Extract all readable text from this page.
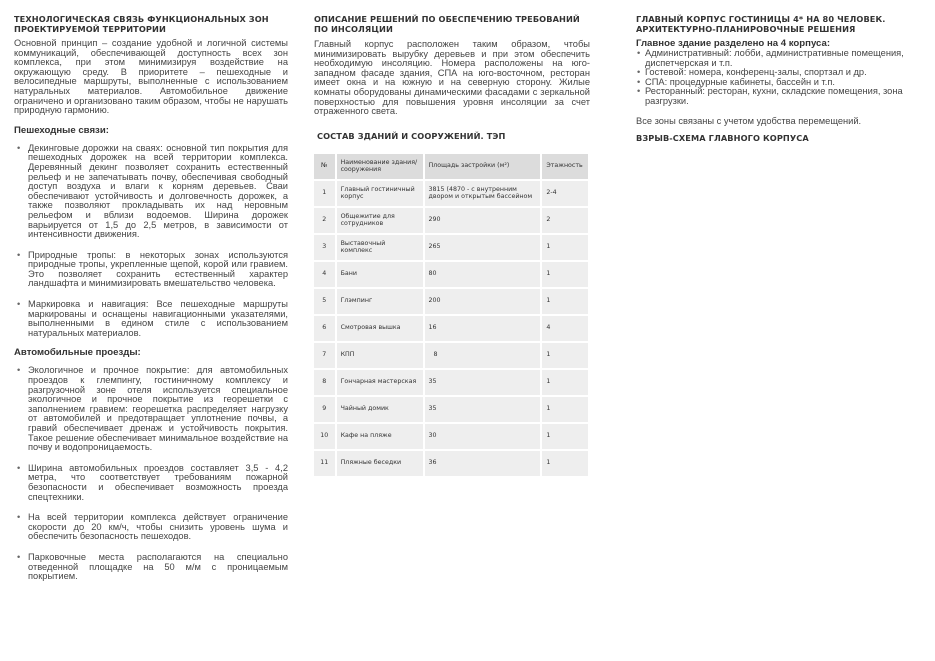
ТЕХНОЛОГИЧЕСКАЯ СВЯЗЬ ФУНКЦИОНАЛЬНЫХ ЗОН ПРОЕКТИРУЕМОЙ ТЕРРИТОРИИ

Основной принцип – создание удобной и логичной системы коммуникаций, обеспечивающей доступность всех зон комплекса, при этом минимизируя воздействие на окружающую среду. В приоритете – пешеходные и велосипедные маршруты, выполненные с использованием натуральных материалов. Автомобильное движение ограничено и организовано таким образом, чтобы не нарушать природную гармонию.

Пешеходные связи:
• Декинговые дорожки на сваях: основной тип покрытия для пешеходных дорожек на всей территории комплекса. Деревянный декинг позволяет сохранить естественный рельеф и не запечатывать почву, обеспечивая свободный доступ воздуха и влаги к корням деревьев. Сваи обеспечивают устойчивость и долговечность дорожек, а также позволяют прокладывать их над неровным рельефом и вблизи водоемов. Ширина дорожек варьируется от 1,5 до 2,5 метров, в зависимости от интенсивности движения.
• Природные тропы: в некоторых зонах используются природные тропы, укрепленные щепой, корой или гравием. Это позволяет сохранить естественный характер ландшафта и минимизировать вмешательство человека.
• Маркировка и навигация: Все пешеходные маршруты маркированы и оснащены навигационными указателями, выполненными в едином стиле с использованием натуральных материалов.
Автомобильные проезды:
• Экологичное и прочное покрытие: для автомобильных проездов к глемпингу, гостиничному комплексу и разгрузочной зоне отеля используется специальное экологичное и прочное покрытие из георешетки с заполнением гравием: георешетка распределяет нагрузку от автомобилей и предотвращает уплотнение почвы, а гравий обеспечивает дренаж и устойчивость покрытия. Такое решение обеспечивает минимальное воздействие на почву и водопроницаемость.
• Ширина автомобильных проездов составляет 3,5 - 4,2 метра, что соответствует требованиям пожарной безопасности и обеспечивает возможность проезда спецтехники.
• На всей территории комплекса действует ограничение скорости до 20 км/ч, чтобы снизить уровень шума и обеспечить безопасность пешеходов.
• Парковочные места располагаются на специально отведенной площадке на 50 м/м с проницаемым покрытием.
ОПИСАНИЕ РЕШЕНИЙ ПО ОБЕСПЕЧЕНИЮ ТРЕБОВАНИЙ ПО ИНСОЛЯЦИИ

Главный корпус расположен таким образом, чтобы минимизировать вырубку деревьев и при этом обеспечить необходимую инсоляцию. Номера расположены на юго-западном фасаде здания, СПА на юго-восточном, ресторан имеет окна и на южную и на северную сторону. Жилые комнаты оборудованы динамическими фасадами с зеркальной поверхностью для повышения уровня инсоляции за счет отраженного света.

СОСТАВ ЗДАНИЙ И СООРУЖЕНИЙ. ТЭП
№	Наименование здания/ сооружения	Площадь застройки (м²)	Этажность
1	Главный гостиничный корпус	3815 (4870 - с внутренним двором и открытым бассейном	2-4
2	Общежитие для сотрудников	290	2
3	Выставочный комплекс	265	1
4	Бани	80	1
5	Глэмпинг	200	1
6	Смотровая вышка	16	4
7	КПП	8	1
8	Гончарная мастерская	35	1
9	Чайный домик	35	1
10	Кафе на пляже	30	1
11	Пляжные беседки	36	1
ГЛАВНЫЙ КОРПУС ГОСТИНИЦЫ 4* НА 80 ЧЕЛОВЕК.
АРХИТЕКТУРНО-ПЛАНИРОВОЧНЫЕ РЕШЕНИЯ
Главное здание разделено на 4 корпуса:
• Административный: лобби, административные помещения, диспетчерская и т.п.
• Гостевой: номера, конференц-залы, спортзал и др.
• СПА: процедурные кабинеты, бассейн и т.п.
• Ресторанный: ресторан, кухни, складские помещения, зона разгрузки.

Все зоны связаны с учетом удобства перемещений.

ВЗРЫВ-СХЕМА ГЛАВНОГО КОРПУСА
